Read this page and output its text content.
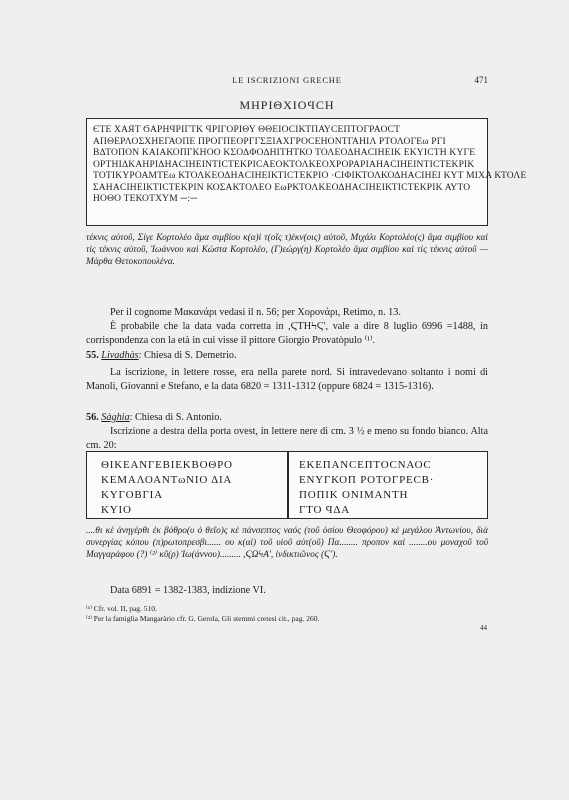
LE ISCRIZIONI GRECHE	471
ΜΗΡΙΘΧΙΟϤϹΗ
ЄΤΕ ΧΑЯΤ ϬΑΡΗϤΡΙΓΤΚ ϤΡΙΓΟΡΙΘΥ ΘΘΕΙΟCΙΚΤΠΑΥCΕΠΤΟΓΡΑΟCΤ
ΑΠΘΕΡΛΟΣΧΗΕΓΑΟΠΕ ΠΡΟΓΠΕΟΡΓΓΣΞΙΑΧΓΡΟCΕΗΟΝΤΓΑΗΙΛ ΡΤΟΛΟΓΕω ΡΓΙ
ΒΔΤΟΠΟΝ ΚΑΙΑΚΟΠΓΚΗΟΟ ΚΣΟΔΦΟΔΗΙΤΗΤΚΟ ΤΟΛΕΟΔΗΑCΙΗΕΙΚ ΕΚΥΙCΤΗ ΚΥΓΕ
ΟΡΤΗΙΔΚΑΗΡΙΔΗΑCΙΗΕΙΝΤΙCΤΕΚΡΙCΑΕΟΚΤΟΛΚΕΟΧΡΟΡΑΡΙΑΗΑCΙΗΕΙΝΤΙCΤΕΚΡΙΚ
ΤΟΤΙΚΥΡΟΑΜΤΕω ΚΤΟΛΚΕΟΔΗΑCΙΗΕΙΚΤΙCΤΕΚΡΙΟ ·CΙΦΙΚΤΟΛΚΟΔΗΑCΙΗΕΙ ΚΥΤ ΜΙΧΑ ΚΤΟΛΕ
ΣΑΗΑCΙΗΕΙΚΤΙCΤΕΚΡΙΝ ΚΟΣΑΚΤΟΛΕΟ ΕωΡΚΤΟΛΚΕΟΔΗΑCΙΗΕΙΚΤΙCΤΕΚΡΙΚ ΑΥΤΟ
ΗΟΘΟ ΤΕΚΟΤΧΥΜ ─:─
τέκνις αὐτοῦ, Σίγε Κορτολέο ἅμα σιμβίου κ(α)ὶ τ(οῖς τ)έκν(οις) αὐτοῦ, Μιχάλι Κορτολέο(ς) ἅμα σιμβίου καὶ τὶς τέκνις αὐτοῦ, Ἰωάννου καὶ Κώστα Κορτολέο, (Γ)εώργ(η) Κορτολέο ἅμα σιμβίου καὶ τὶς τέκνις αὐτοῦ — Μάρθα Θετοκοπουλένα.
Per il cognome Μακανάρι vedasi il n. 56; per Χορονάρι, Retimo, n. 13.
È probabile che la data vada corretta in ,ϚΤΗϞϚ', vale a dire 8 luglio 6996 =1488, in corrispondenza con la età in cui visse il pittore Giorgio Provatòpulo ⁽¹⁾.
55. Livadhàs: Chiesa di S. Demetrio.
La iscrizione, in lettere rosse, era nella parete nord. Si intravedevano soltanto i nomi di Manoli, Giovanni e Stefano, e la data 6820 = 1311-1312 (oppure 6824 = 1315-1316).
56. Sàghia: Chiesa di S. Antonio.
Iscrizione a destra della porta ovest, in lettere nere di cm. 3 ½ e meno su fondo bianco. Alta cm. 20:
ΘΙΚΕΑΝΓΕΒΙΕΚΒΟΘΡΟ
ΚΕΜΑΛΟΑΝΤωΝΙΟ ΔΙΑ
ΚΥΓΟΒΓΙΑ
ΚΥΙΟ
ΕΚΕΠΑΝCΕΠΤΟCΝΑΟC
ΕΝΥΓΚΟΠ ΡΟΤΟΓΡΕCΒ·
ΠΟΠΙΚ ΟΝΙΜΑΝΤΗ
ΓΤΟ ϤΔΑ
....θι κὲ ἀνηγέρθι ἐκ βόθρο(υ ὁ θεῖο)ς κὲ πάνσεπτος ναός (τοῦ ὁσίου Θεοφόρου) κὲ μεγάλου Ἀντωνίου, διὰ συνεργίας κόπου (π)ρωτοπρεσβι...... ου κ(αὶ) τοῦ υἱοῦ αὐτ(οῦ) Πα........ προπον καὶ ........ου μοναχοῦ τοῦ Μαγγαράφου (?) ⁽²⁾ κῦ(ρ) Ἰω(άννου)......... ,ϚΩϞΑ', ἰνδικτιῶνος (Ϛ').
Data 6891 = 1382-1383, indizione VI.
⁽¹⁾ Cfr. vol. II, pag. 510.
⁽²⁾ Per la famiglia Mangaràrio cfr. G. Gerola, Gli stemmi cretesi cit., pag. 260.
44
